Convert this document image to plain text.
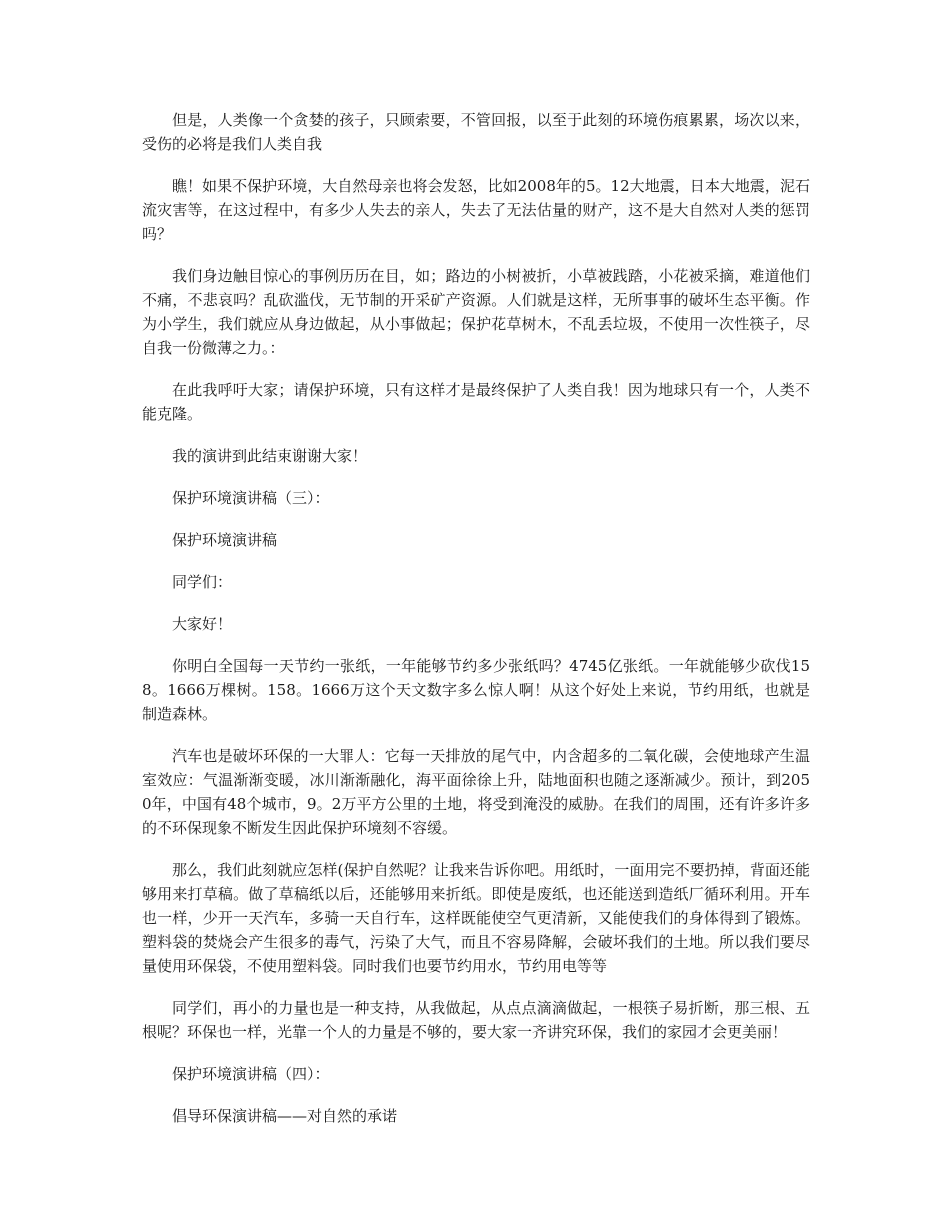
但是，人类像一个贪婪的孩子，只顾索要，不管回报，以至于此刻的环境伤痕累累，场次以来，受伤的必将是我们人类自我

瞧！如果不保护环境，大自然母亲也将会发怒，比如2008年的5。12大地震，日本大地震，泥石流灾害等，在这过程中，有多少人失去的亲人，失去了无法估量的财产，这不是大自然对人类的惩罚吗？

我们身边触目惊心的事例历历在目，如；路边的小树被折，小草被践踏，小花被采摘，难道他们不痛，不悲哀吗？乱砍滥伐，无节制的开采矿产资源。人们就是这样，无所事事的破坏生态平衡。作为小学生，我们就应从身边做起，从小事做起；保护花草树木，不乱丢垃圾，不使用一次性筷子，尽自我一份微薄之力。：

在此我呼吁大家；请保护环境，只有这样才是最终保护了人类自我！因为地球只有一个，人类不能克隆。

我的演讲到此结束谢谢大家！

保护环境演讲稿（三）：

保护环境演讲稿

同学们：

大家好！

你明白全国每一天节约一张纸，一年能够节约多少张纸吗？4745亿张纸。一年就能够少砍伐158。1666万棵树。158。1666万这个天文数字多么惊人啊！从这个好处上来说，节约用纸，也就是制造森林。

汽车也是破坏环保的一大罪人：它每一天排放的尾气中，内含超多的二氧化碳，会使地球产生温室效应：气温渐渐变暖，冰川渐渐融化，海平面徐徐上升，陆地面积也随之逐渐减少。预计，到2050年，中国有48个城市，9。2万平方公里的土地，将受到淹没的威胁。在我们的周围，还有许多许多的不环保现象不断发生因此保护环境刻不容缓。

那么，我们此刻就应怎样(保护自然呢？让我来告诉你吧。用纸时，一面用完不要扔掉，背面还能够用来打草稿。做了草稿纸以后，还能够用来折纸。即使是废纸，也还能送到造纸厂循环利用。开车也一样，少开一天汽车，多骑一天自行车，这样既能使空气更清新，又能使我们的身体得到了锻炼。塑料袋的焚烧会产生很多的毒气，污染了大气，而且不容易降解，会破坏我们的土地。所以我们要尽量使用环保袋，不使用塑料袋。同时我们也要节约用水，节约用电等等

同学们，再小的力量也是一种支持，从我做起，从点点滴滴做起，一根筷子易折断，那三根、五根呢？环保也一样，光靠一个人的力量是不够的，要大家一齐讲究环保，我们的家园才会更美丽！

保护环境演讲稿（四）：

倡导环保演讲稿——对自然的承诺
